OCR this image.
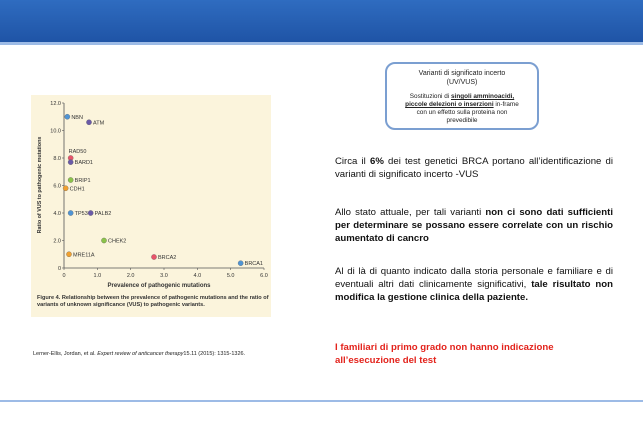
0	1.0	2.0	3.0	4.0	5.0	6.0
0
2.0
4.0
6.0
8.0
10.0
12.0
NBN
ATM
RAD50
BARD1
BRIP1
CDH1
TP53 PALB2
CHEK2
MRE11A	BRCA2
BRCA1
Prevalence of pathogenic mutations
Ratio of VUS to pathogenic mutations
Figure 4. Relationship between the prevalence of pathogenic mutations and the ratio of variants of unknown significance (VUS) to pathogenic variants.
Lerner-Ellis, Jordan, et al. Expert review of anticancer therapy15.11 (2015): 1315-1326.
Varianti di significato incerto
(UV/VUS)
Sostituzioni di singoli amminoacidi,
piccole delezioni o inserzioni in-frame
con un effetto sulla proteina non
prevedibile
Circa il 6% dei test genetici BRCA portano all’identificazione di varianti di significato incerto -VUS
Allo stato attuale, per tali varianti non ci sono dati sufficienti per determinare se possano essere correlate con un rischio aumentato di cancro
Al di là di quanto indicato dalla storia personale e familiare e di eventuali altri dati clinicamente significativi, tale risultato non modifica la gestione clinica della paziente.
I familiari di primo grado non hanno indicazione all’esecuzione del test
